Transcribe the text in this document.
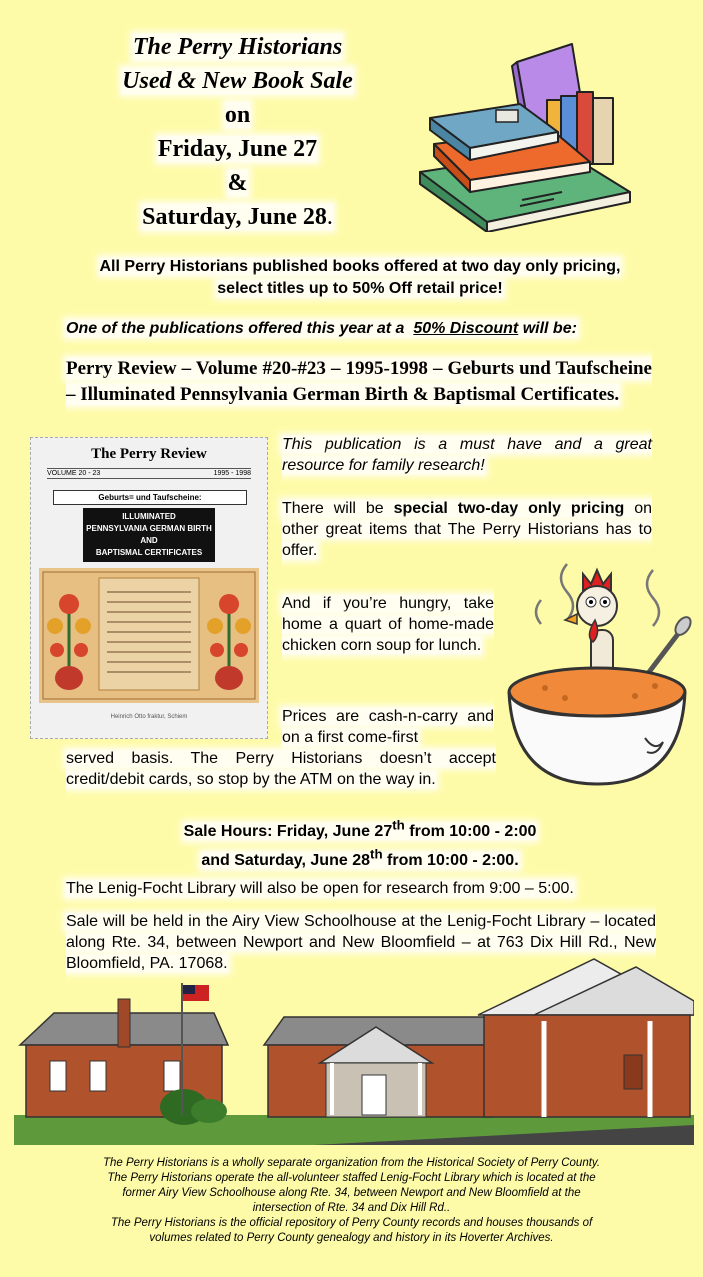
The Perry Historians
Used & New Book Sale
on
Friday, June 27
&
Saturday, June 28.
All Perry Historians published books offered at two day only pricing,
select titles up to 50% Off retail price!
One of the publications offered this year at a 50% Discount will be:
Perry Review – Volume #20-#23 – 1995-1998 – Geburts und Taufscheine – Illuminated Pennsylvania German Birth & Baptismal Certificates.
The Perry Review
VOLUME 20 - 23	1995 - 1998
Geburts= und Taufscheine:
ILLUMINATED
PENNSYLVANIA GERMAN BIRTH
AND
BAPTISMAL CERTIFICATES
Heinrich Otto fraktur, Schiem
This publication is a must have and a great resource for family research!
There will be special two-day only pricing on other great items that The Perry Historians has to offer.
And if you’re hungry, take home a quart of home-made chicken corn soup for lunch.
Prices are cash-n-carry and on a first come-first
served basis. The Perry Historians doesn’t accept credit/debit cards, so stop by the ATM on the way in.
Sale Hours: Friday, June 27th from 10:00 - 2:00
and Saturday, June 28th from 10:00 - 2:00.
The Lenig-Focht Library will also be open for research from 9:00 – 5:00.
Sale will be held in the Airy View Schoolhouse at the Lenig-Focht Library – located along Rte. 34, between Newport and New Bloomfield – at 763 Dix Hill Rd., New Bloomfield, PA. 17068.
The Perry Historians is a wholly separate organization from the Historical Society of Perry County.
The Perry Historians operate the all-volunteer staffed Lenig-Focht Library which is located at the
former Airy View Schoolhouse along Rte. 34, between Newport and New Bloomfield at the
intersection of Rte. 34 and Dix Hill Rd..
The Perry Historians is the official repository of Perry County records and houses thousands of
volumes related to Perry County genealogy and history in its Hoverter Archives.
